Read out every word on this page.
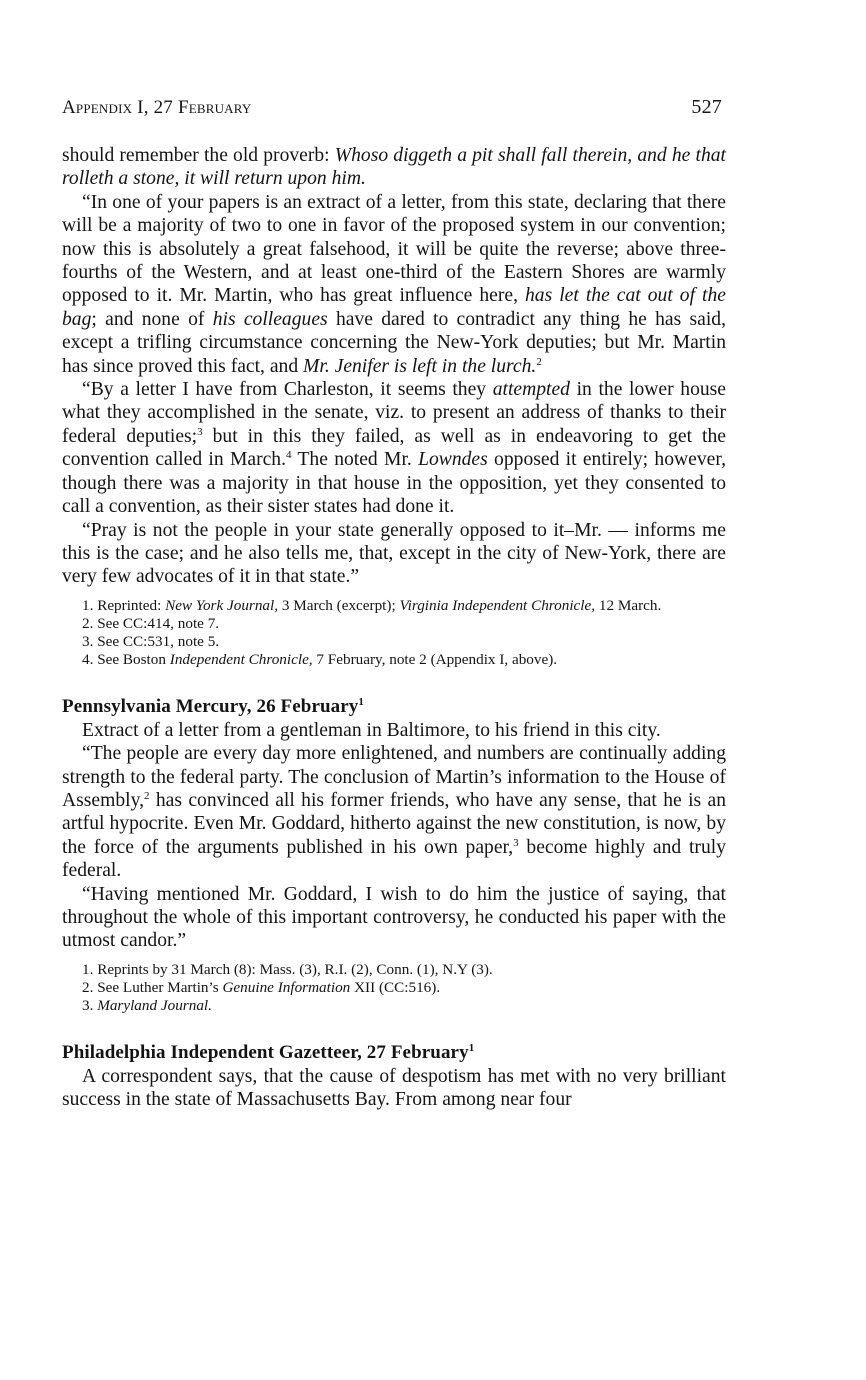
Appendix I, 27 February	527

should remember the old proverb: Whoso diggeth a pit shall fall therein, and he that rolleth a stone, it will return upon him.

“In one of your papers is an extract of a letter, from this state, declaring that there will be a majority of two to one in favor of the proposed system in our convention; now this is absolutely a great falsehood, it will be quite the reverse; above three-fourths of the Western, and at least one-third of the Eastern Shores are warmly opposed to it. Mr. Martin, who has great influence here, has let the cat out of the bag; and none of his colleagues have dared to contradict any thing he has said, except a trifling circumstance concerning the New-York deputies; but Mr. Martin has since proved this fact, and Mr. Jenifer is left in the lurch.$^2$

“By a letter I have from Charleston, it seems they attempted in the lower house what they accomplished in the senate, viz. to present an address of thanks to their federal deputies;$^3$ but in this they failed, as well as in endeavoring to get the convention called in March.$^4$ The noted Mr. Lowndes opposed it entirely; however, though there was a majority in that house in the opposition, yet they consented to call a convention, as their sister states had done it.

“Pray is not the people in your state generally opposed to it–Mr. — informs me this is the case; and he also tells me, that, except in the city of New-York, there are very few advocates of it in that state.”

1. Reprinted: New York Journal, 3 March (excerpt); Virginia Independent Chronicle, 12 March.

2. See CC:414, note 7.

3. See CC:531, note 5.

4. See Boston Independent Chronicle, 7 February, note 2 (Appendix I, above).

Pennsylvania Mercury, 26 February$^1$

Extract of a letter from a gentleman in Baltimore, to his friend in this city.

“The people are every day more enlightened, and numbers are continually adding strength to the federal party. The conclusion of Martin’s information to the House of Assembly,$^2$ has convinced all his former friends, who have any sense, that he is an artful hypocrite. Even Mr. Goddard, hitherto against the new constitution, is now, by the force of the arguments published in his own paper,$^3$ become highly and truly federal.

“Having mentioned Mr. Goddard, I wish to do him the justice of saying, that throughout the whole of this important controversy, he conducted his paper with the utmost candor.”

1. Reprints by 31 March (8): Mass. (3), R.I. (2), Conn. (1), N.Y (3).

2. See Luther Martin’s Genuine Information XII (CC:516).

3. Maryland Journal.

Philadelphia Independent Gazetteer, 27 February$^1$

A correspondent says, that the cause of despotism has met with no very brilliant success in the state of Massachusetts Bay. From among near four
